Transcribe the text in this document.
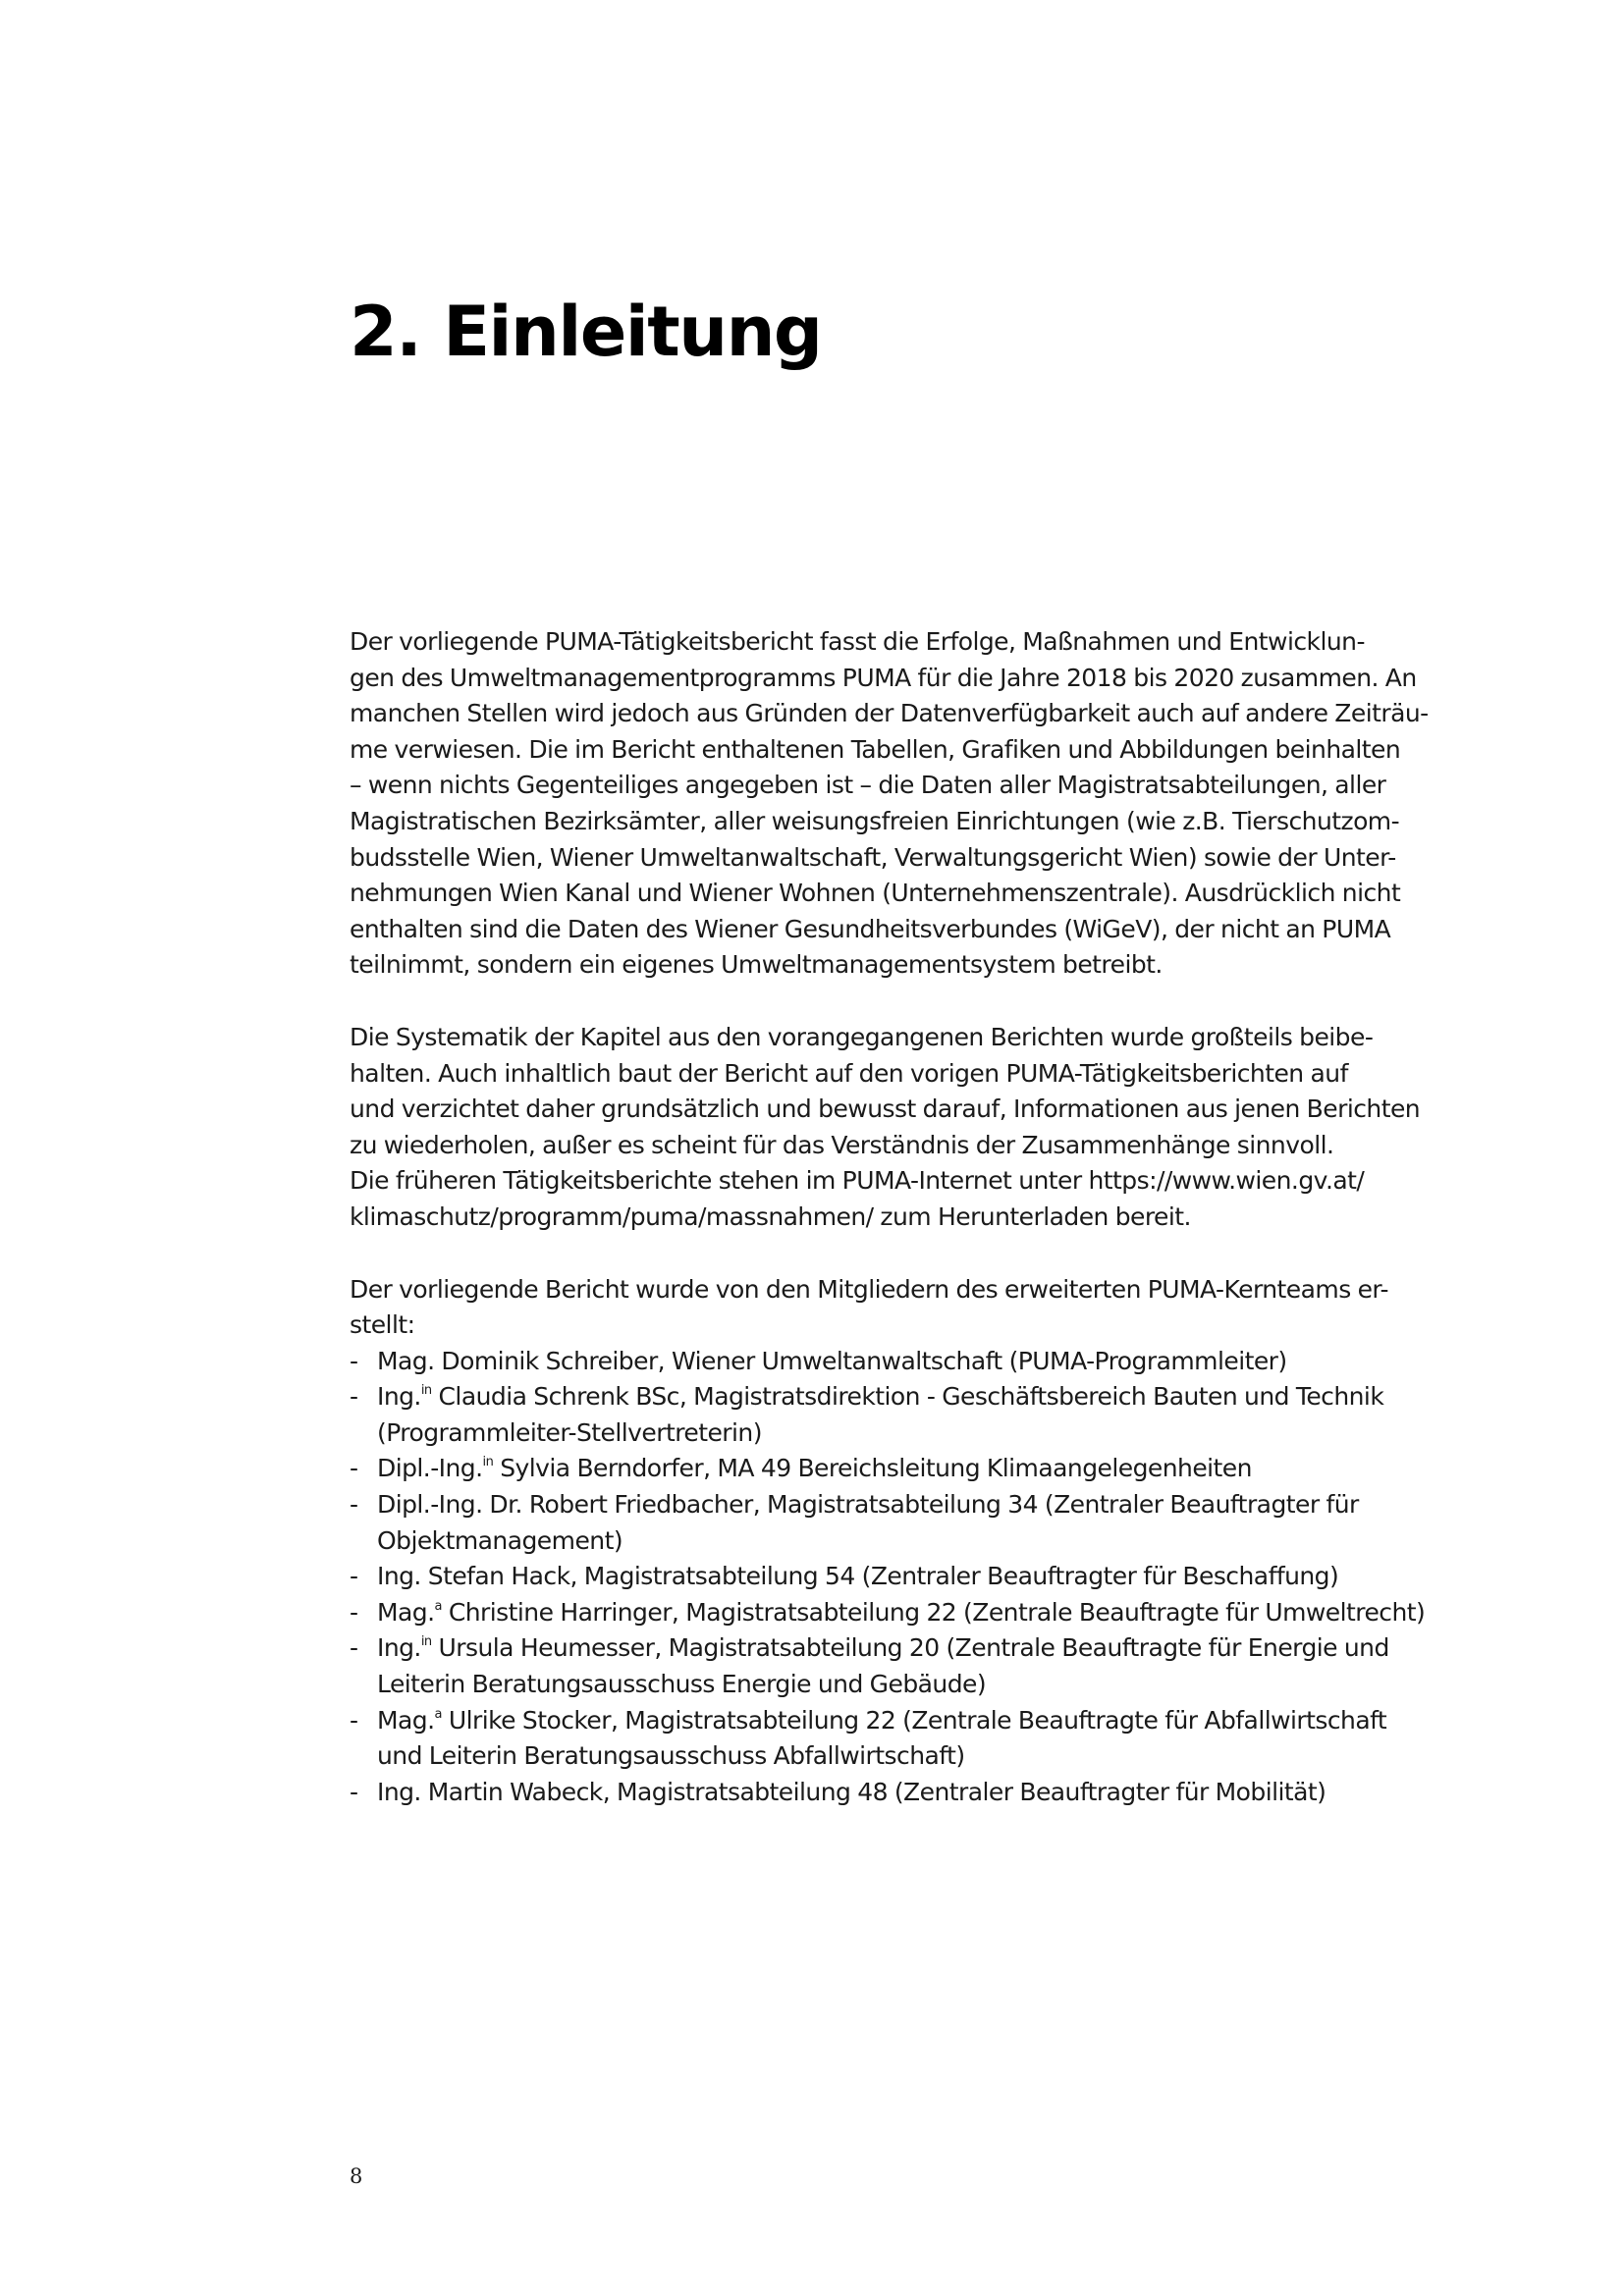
2. Einleitung

Der vorliegende PUMA-Tätigkeitsbericht fasst die Erfolge, Maßnahmen und Entwicklun-
gen des Umweltmanagementprogramms PUMA für die Jahre 2018 bis 2020 zusammen. An
manchen Stellen wird jedoch aus Gründen der Datenverfügbarkeit auch auf andere Zeiträu-
me verwiesen. Die im Bericht enthaltenen Tabellen, Grafiken und Abbildungen beinhalten
– wenn nichts Gegenteiliges angegeben ist – die Daten aller Magistratsabteilungen, aller
Magistratischen Bezirksämter, aller weisungsfreien Einrichtungen (wie z.B. Tierschutzom-
budsstelle Wien, Wiener Umweltanwaltschaft, Verwaltungsgericht Wien) sowie der Unter-
nehmungen Wien Kanal und Wiener Wohnen (Unternehmenszentrale). Ausdrücklich nicht
enthalten sind die Daten des Wiener Gesundheitsverbundes (WiGeV), der nicht an PUMA
teilnimmt, sondern ein eigenes Umweltmanagementsystem betreibt.

Die Systematik der Kapitel aus den vorangegangenen Berichten wurde großteils beibe-
halten. Auch inhaltlich baut der Bericht auf den vorigen PUMA-Tätigkeitsberichten auf
und verzichtet daher grundsätzlich und bewusst darauf, Informationen aus jenen Berichten
zu wiederholen, außer es scheint für das Verständnis der Zusammenhänge sinnvoll.
Die früheren Tätigkeitsberichte stehen im PUMA-Internet unter https://www.wien.gv.at/
klimaschutz/programm/puma/massnahmen/ zum Herunterladen bereit.

Der vorliegende Bericht wurde von den Mitgliedern des erweiterten PUMA-Kernteams er-
stellt:

- Mag. Dominik Schreiber, Wiener Umweltanwaltschaft (PUMA-Programmleiter)
- Ing.$^{in}$ Claudia Schrenk BSc, Magistratsdirektion - Geschäftsbereich Bauten und Technik
(Programmleiter-Stellvertreterin)
- Dipl.-Ing.$^{in}$ Sylvia Berndorfer, MA 49 Bereichsleitung Klimaangelegenheiten
- Dipl.-Ing. Dr. Robert Friedbacher, Magistratsabteilung 34 (Zentraler Beauftragter für
Objektmanagement)
- Ing. Stefan Hack, Magistratsabteilung 54 (Zentraler Beauftragter für Beschaffung)
- Mag.$^a$ Christine Harringer, Magistratsabteilung 22 (Zentrale Beauftragte für Umweltrecht)
- Ing.$^{in}$ Ursula Heumesser, Magistratsabteilung 20 (Zentrale Beauftragte für Energie und
Leiterin Beratungsausschuss Energie und Gebäude)
- Mag.$^a$ Ulrike Stocker, Magistratsabteilung 22 (Zentrale Beauftragte für Abfallwirtschaft
und Leiterin Beratungsausschuss Abfallwirtschaft)
- Ing. Martin Wabeck, Magistratsabteilung 48 (Zentraler Beauftragter für Mobilität)
8
